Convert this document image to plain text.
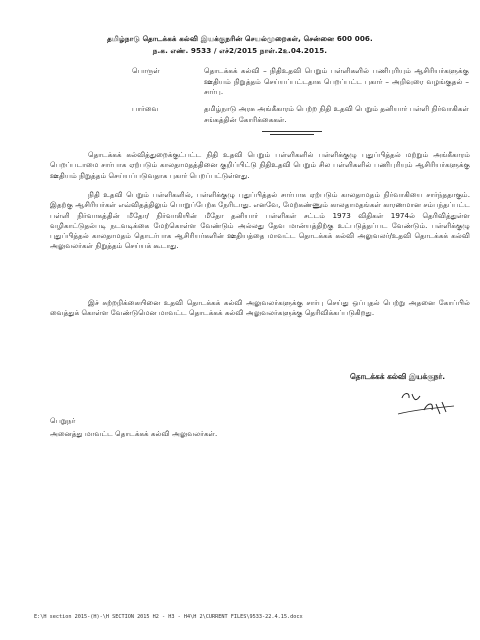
தமிழ்நாடு தொடக்கக் கல்வி இயக்குநரின் செயல்முறைகள், சென்னை 600 006.
ந.க. எண். 9533 / எச்2/2015 நாள்.2௨.04.2015.
பொருள்	தொடக்கக் கல்வி – நிதிஉதவி பெறும் பள்ளிகளில் பணிபுரியும் ஆசிரியர்களுக்கு ஊதியம் நிறுத்தம் செய்யப்பட்டதாக பெறப்பட்ட புகார் – அறிவுரை வழங்குதல் – சார்பு.
பார்வை	தமிழ்நாடு அரசு அங்கீகாரம் பெற்ற நிதி உதவி பெறும் தனியார் பள்ளி நிர்வாகிகள் சங்கத்தின் கோரிக்கைகள்.
தொடக்கக் கல்வித்துறைக்குட்பட்ட நிதி உதவி பெறும் பள்ளிகளில் பள்ளிக்குழு புதுப்பித்தல் மற்றும் அங்கீகாரம் பெறப்படாமை சார்பாக ஏற்படும் காலதாமதத்தினை குறிப்பிட்டு நிதிஉதவி பெறும் சில பள்ளிகளில் பணிபுரியும் ஆசிரியர்களுக்கு ஊதியம் நிறுத்தம் செய்யப்படுவதாக புகார் பெறப்பட்டுள்ளது.
நிதி உதவி பெறும் பள்ளிகளில், பள்ளிக்குழு புதுப்பித்தல் சார்பாக ஏற்படும் காலதாமதம் நிர்வாகியை சார்ந்ததாகும். இதற்கு ஆசிரியர்கள் எவ்விதத்திலும் பொறுப்பேற்க நேரிடாது. எனவே, மேற்கண்ணும் காலதாமதங்கள் காரணமான சம்பந்தப்பட்ட பள்ளி நிர்வாகத்தின் மீதோ/ நிர்வாகியின் மீதோ தனியார் பள்ளிகள் சட்டம் 1973 விதிகள் 1974ல் தெரிவித்துள்ள வழிகாட்டுதல்படி நடவடிக்கை மேற்கொள்ள வேண்டும் அல்லது தேவ மான்யத்திற்கு உட்படுத்தப்பட வேண்டும். பள்ளிக்குழு புதுப்பித்தல் காலதாமதம் தொடர்பாக ஆசிரியர்களின் ஊதியத்தை மாவட்ட தொடக்கக் கல்வி அலுவலர்/உதவி தொடக்கக் கல்வி அலுவலர்கள் நிறுத்தம் செய்யக் கூடாது.
இச் சுற்றறிக்கையினை உதவி தொடக்கக் கல்வி அலுவலர்களுக்கு சார்பு செய்து ஒப்புதல் பெற்று அதனை கோப்பில் வைத்துக் கொள்ள வேண்டுமென மாவட்ட தொடக்கக் கல்வி அலுவலர்களுக்கு தெரிவிக்கப்படுகிறது.
தொடக்கக் கல்வி இயக்குநர்.
பெறுநர்
அனைத்து மாவட்ட தொடக்கக் கல்வி அலுவலர்கள்.
E:\H section 2015-(H)-\H SECTION 2015 H2 - H3 - H4\H 2\CURRENT FILES\9533-22.4.15.docx
